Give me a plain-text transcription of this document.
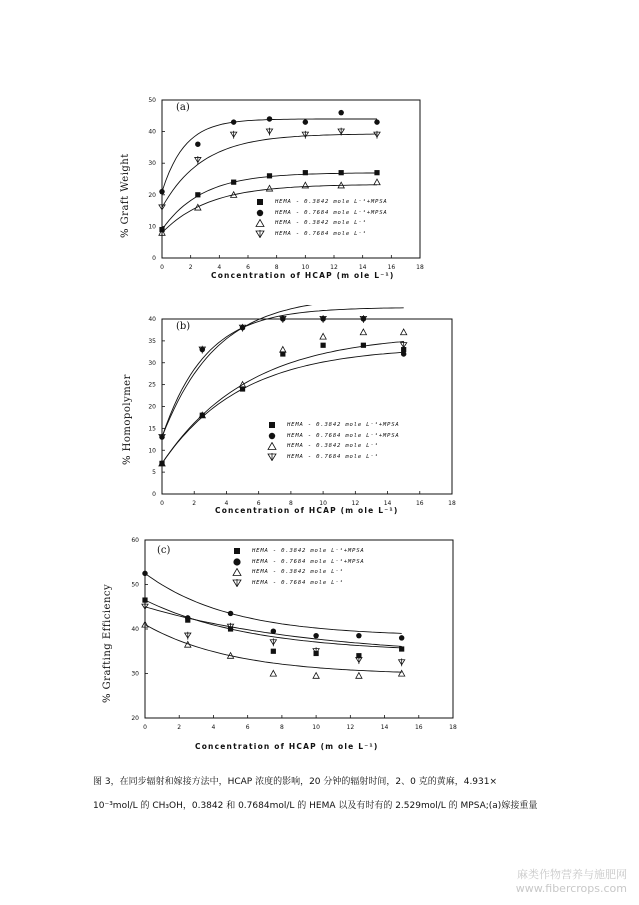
0	2	4	6	8	10	12	14	16	18
0
10
20
30
40
50
% Graft Weight
Concentration of HCAP (m ole L⁻¹)
(a)
HEMA - 0.3842 mole L⁻¹+MPSA
HEMA - 0.7684 mole L⁻¹+MPSA
HEMA - 0.3842 mole L⁻¹
HEMA - 0.7684 mole L⁻¹
0	2	4	6	8	10	12	14	16	18
0
5
10
15
20
25
30
35
40
% Homopolymer
Concentration of HCAP (m ole L⁻¹)
(b)
HEMA - 0.3842 mole L⁻¹+MPSA
HEMA - 0.7684 mole L⁻¹+MPSA
HEMA - 0.3842 mole L⁻¹
HEMA - 0.7684 mole L⁻¹
0	2	4	6	8	10	12	14	16	18
20
30
40
50
60
% Grafting Efficiency
Concentration of HCAP (m ole L⁻¹)
(c)	HEMA - 0.3842 mole L⁻¹+MPSA
HEMA - 0.7684 mole L⁻¹+MPSA
HEMA - 0.3842 mole L⁻¹
HEMA - 0.7684 mole L⁻¹

图 3，在同步辐射和嫁接方法中，HCAP 浓度的影响，20 分钟的辐射时间，2、0 克的黄麻，4.931×

10⁻³mol/L 的 CH₃OH，0.3842 和 0.7684mol/L 的 HEMA 以及有时有的 2.529mol/L 的 MPSA;(a)嫁接重量

麻类作物营养与施肥网
www.fibercrops.com
